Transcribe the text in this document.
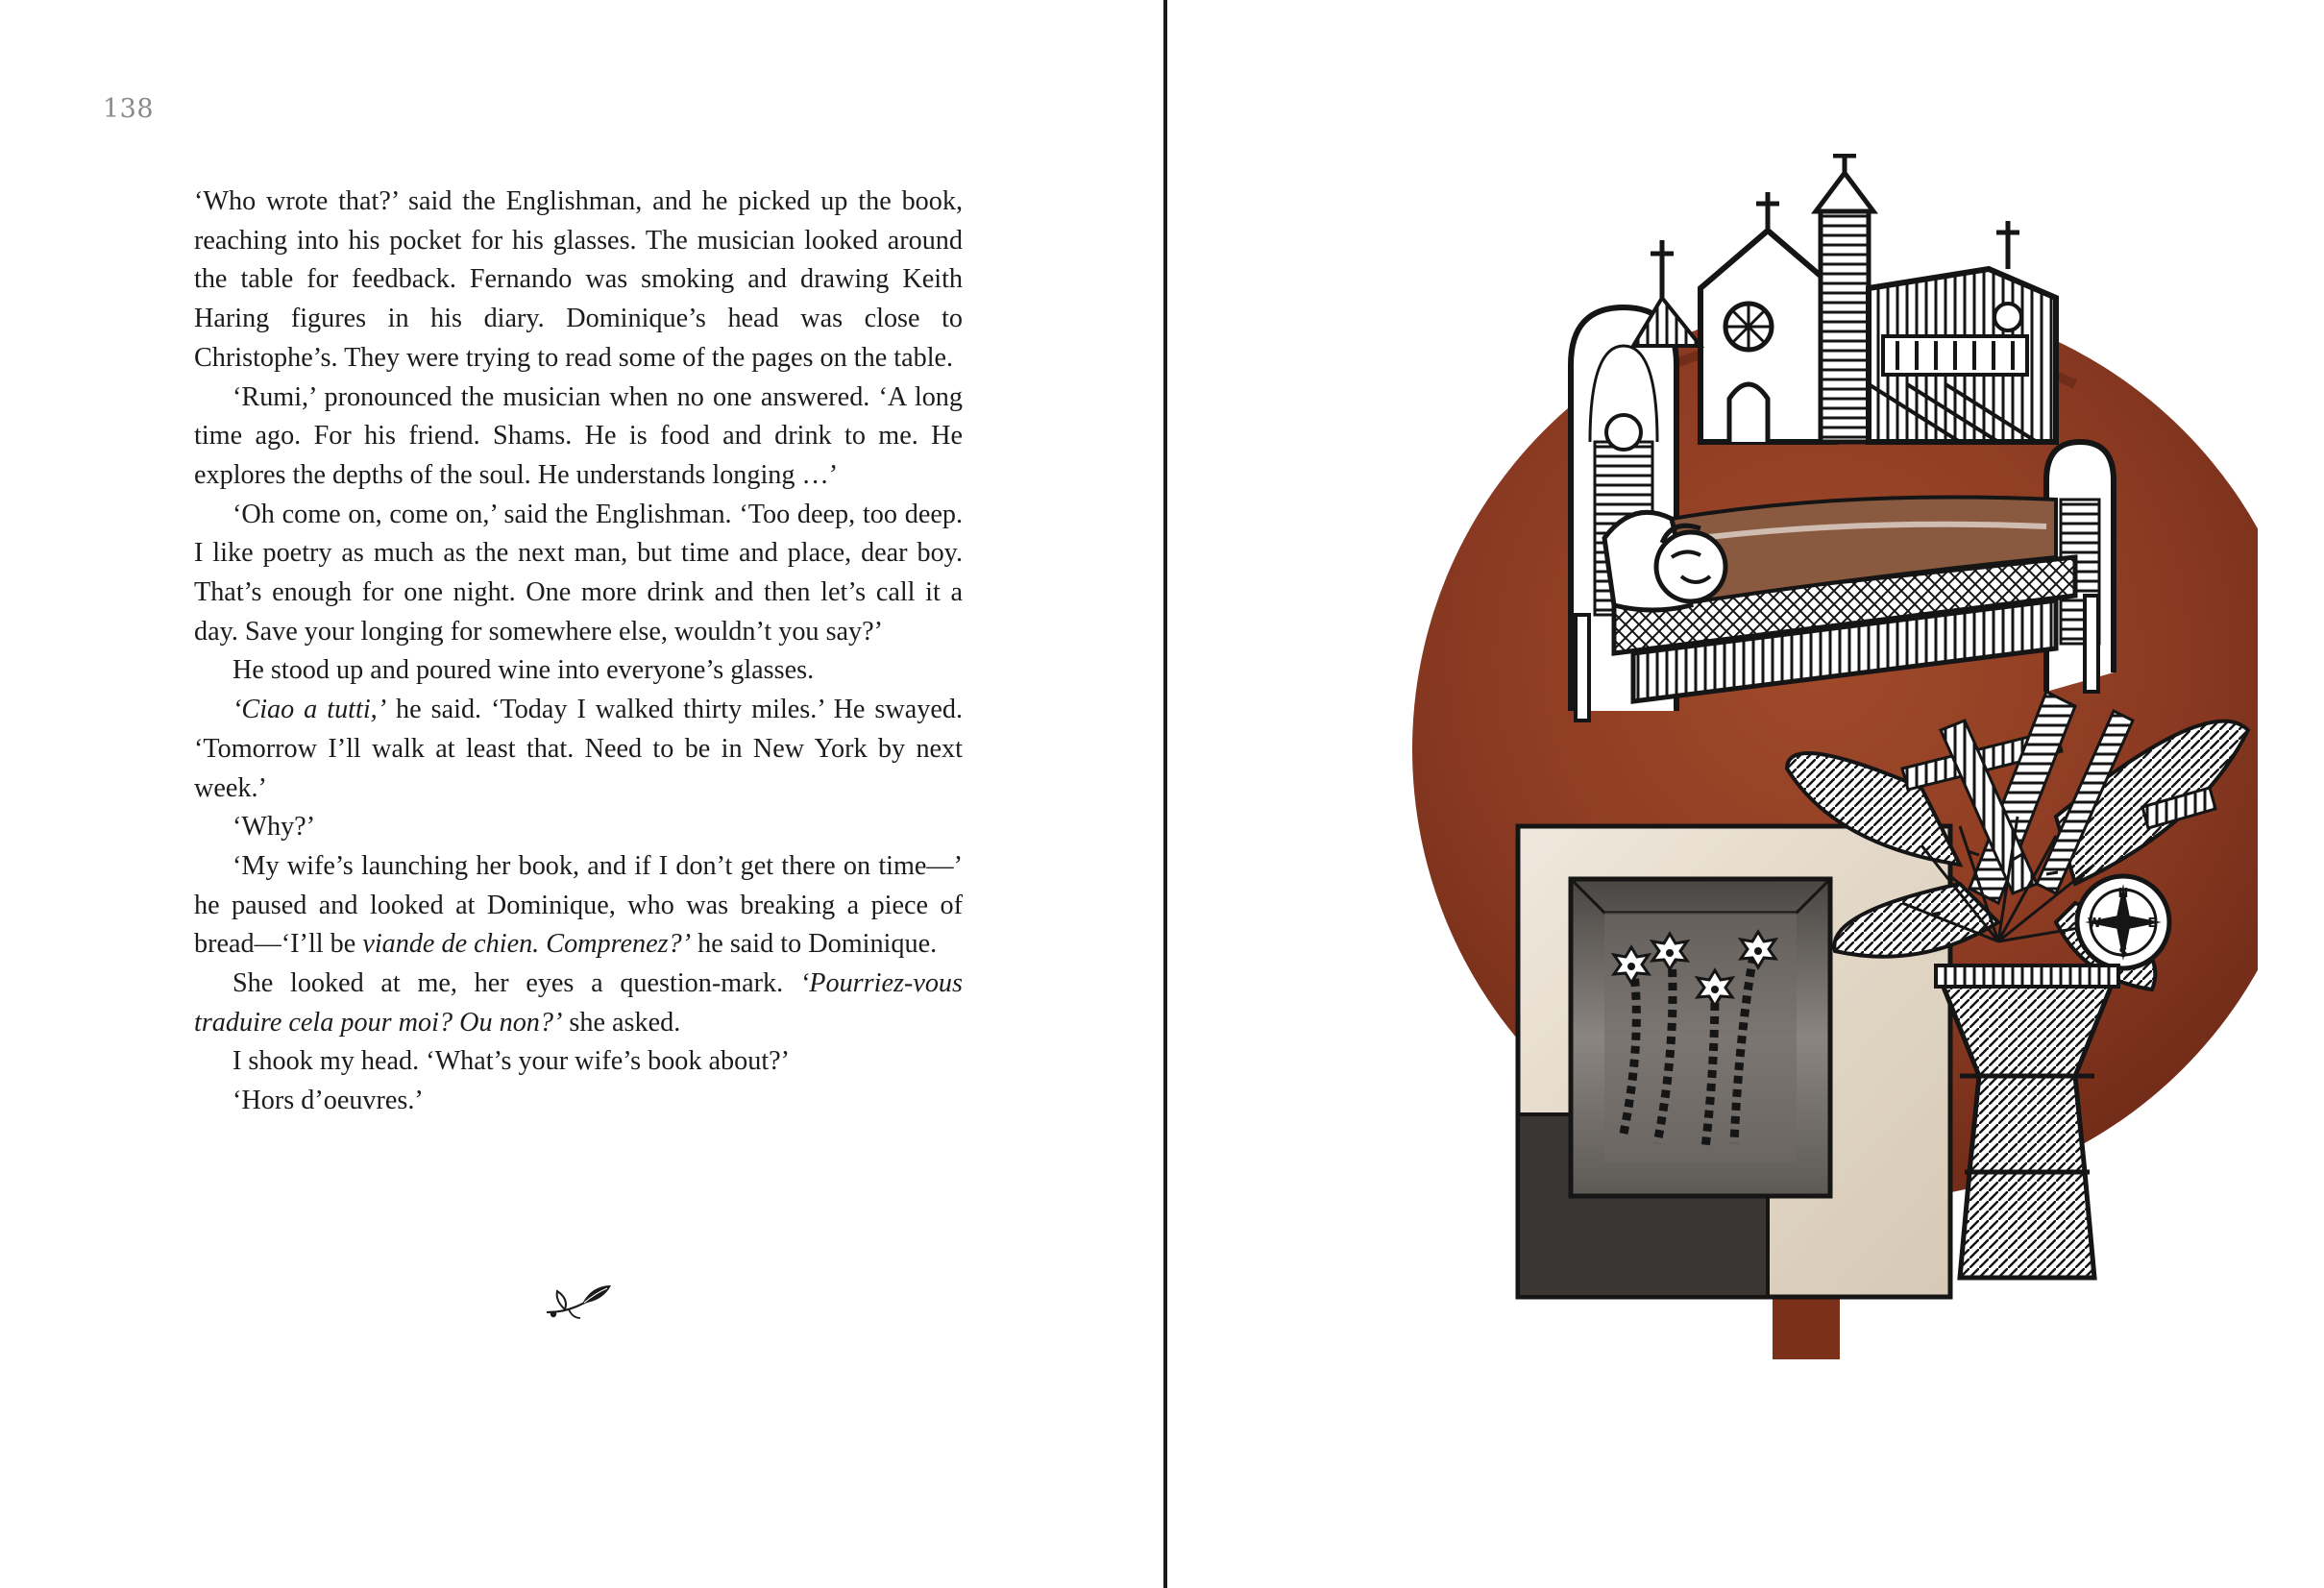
138

‘Who wrote that?’ said the Englishman, and he picked up the book, reaching into his pocket for his glasses. The musician looked around the table for feedback. Fernando was smoking and drawing Keith Haring figures in his diary. Dominique’s head was close to Christophe’s. They were trying to read some of the pages on the table.

‘Rumi,’ pronounced the musician when no one answered. ‘A long time ago. For his friend. Shams. He is food and drink to me. He explores the depths of the soul. He understands longing …’

‘Oh come on, come on,’ said the Englishman. ‘Too deep, too deep. I like poetry as much as the next man, but time and place, dear boy. That’s enough for one night. One more drink and then let’s call it a day. Save your longing for somewhere else, wouldn’t you say?’

He stood up and poured wine into everyone’s glasses.

‘Ciao a tutti,’ he said. ‘Today I walked thirty miles.’ He swayed. ‘Tomorrow I’ll walk at least that. Need to be in New York by next week.’

‘Why?’

‘My wife’s launching her book, and if I don’t get there on time—’ he paused and looked at Dominique, who was breaking a piece of bread—‘I’ll be viande de chien. Comprenez?’ he said to Dominique.

She looked at me, her eyes a question-mark. ‘Pourriez-vous traduire cela pour moi? Ou non?’ she asked.

I shook my head. ‘What’s your wife’s book about?’

‘Hors d’oeuvres.’

N
E
S
W
